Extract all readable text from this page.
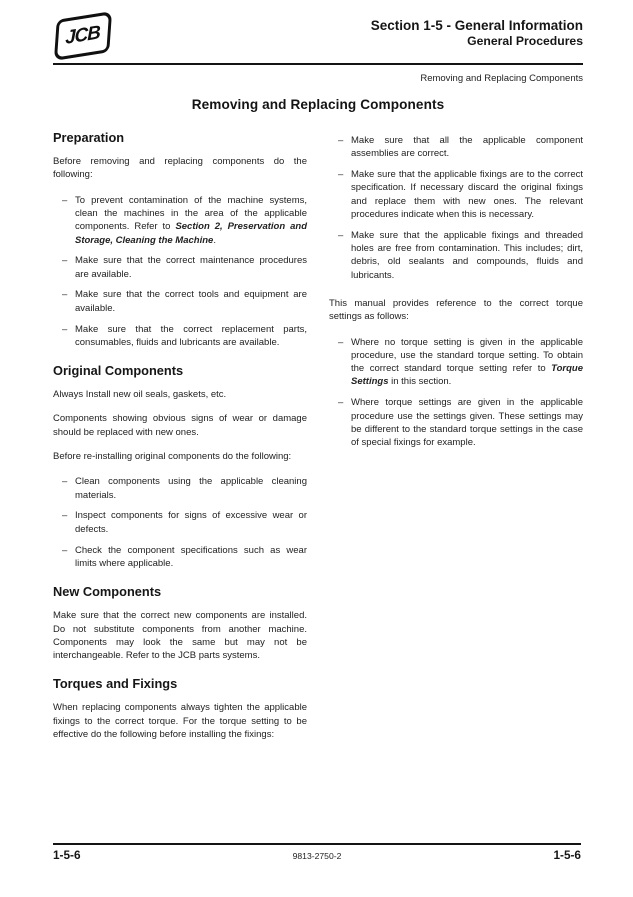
JCB	Section 1-5 - General Information
General Procedures
Removing and Replacing Components
Removing and Replacing Components
Preparation

Before removing and replacing components do the following:

– To prevent contamination of the machine systems, clean the machines in the area of the applicable components. Refer to Section 2, Preservation and Storage, Cleaning the Machine.
– Make sure that the correct maintenance procedures are available.
– Make sure that the correct tools and equipment are available.
– Make sure that the correct replacement parts, consumables, fluids and lubricants are available.
Original Components

Always Install new oil seals, gaskets, etc.

Components showing obvious signs of wear or damage should be replaced with new ones.

Before re-installing original components do the following:

– Clean components using the applicable cleaning materials.
– Inspect components for signs of excessive wear or defects.
– Check the component specifications such as wear limits where applicable.
New Components

Make sure that the correct new components are installed. Do not substitute components from another machine. Components may look the same but may not be interchangeable. Refer to the JCB parts systems.

Torques and Fixings

When replacing components always tighten the applicable fixings to the correct torque. For the torque setting to be effective do the following before installing the fixings:

– Make sure that all the applicable component assemblies are correct.
– Make sure that the applicable fixings are to the correct specification. If necessary discard the original fixings and replace them with new ones. The relevant procedures indicate when this is necessary.
– Make sure that the applicable fixings and threaded holes are free from contamination. This includes; dirt, debris, old sealants and compounds, fluids and lubricants.

This manual provides reference to the correct torque settings as follows:

– Where no torque setting is given in the applicable procedure, use the standard torque setting. To obtain the correct standard torque setting refer to Torque Settings in this section.
– Where torque settings are given in the applicable procedure use the settings given. These settings may be different to the standard torque settings in the case of special fixings for example.
1-5-6	9813-2750-2	1-5-6
